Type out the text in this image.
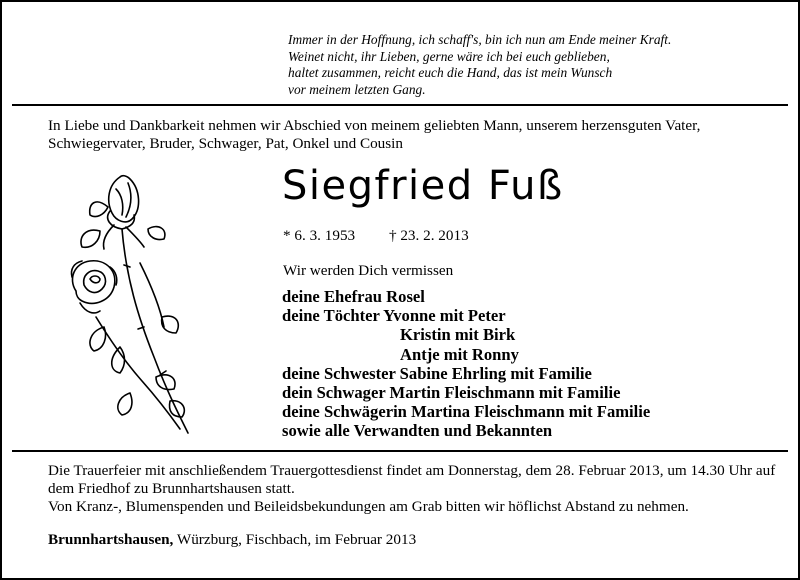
Immer in der Hoffnung, ich schaff's, bin ich nun am Ende meiner Kraft.
Weinet nicht, ihr Lieben, gerne wäre ich bei euch geblieben,
haltet zusammen, reicht euch die Hand, das ist mein Wunsch
vor meinem letzten Gang.
In Liebe und Dankbarkeit nehmen wir Abschied von meinem geliebten Mann, unserem herzensguten Vater, Schwiegervater, Bruder, Schwager, Pat, Onkel und Cousin
Siegfried Fuß
* 6. 3. 1953 † 23. 2. 2013
Wir werden Dich vermissen
deine Ehefrau Rosel
deine Töchter Yvonne mit Peter
Kristin mit Birk
Antje mit Ronny
deine Schwester Sabine Ehrling mit Familie
dein Schwager Martin Fleischmann mit Familie
deine Schwägerin Martina Fleischmann mit Familie
sowie alle Verwandten und Bekannten
Die Trauerfeier mit anschließendem Trauergottesdienst findet am Donnerstag, dem 28. Februar 2013, um 14.30 Uhr auf dem Friedhof zu Brunnhartshausen statt.
Von Kranz-, Blumenspenden und Beileidsbekundungen am Grab bitten wir höflichst Abstand zu nehmen.
Brunnhartshausen, Würzburg, Fischbach, im Februar 2013
